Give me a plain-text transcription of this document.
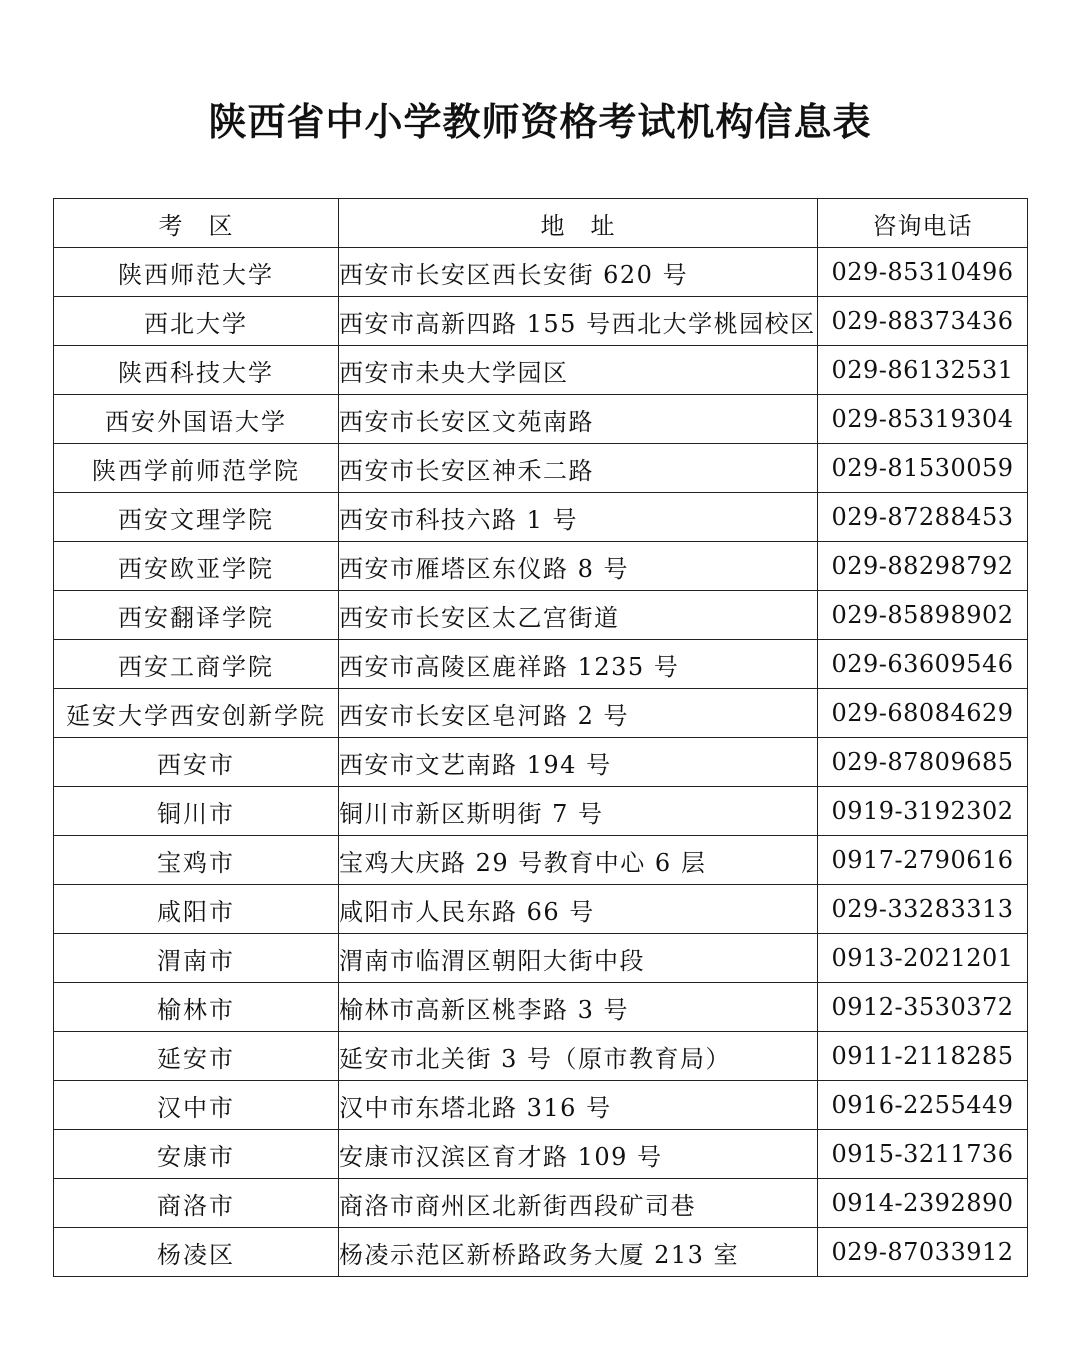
陕西省中小学教师资格考试机构信息表
考　区	地　址	咨询电话
陕西师范大学	西安市长安区西长安街 620 号	029-85310496
西北大学	西安市高新四路 155 号西北大学桃园校区	029-88373436
陕西科技大学	西安市未央大学园区	029-86132531
西安外国语大学	西安市长安区文苑南路	029-85319304
陕西学前师范学院	西安市长安区神禾二路	029-81530059
西安文理学院	西安市科技六路 1 号	029-87288453
西安欧亚学院	西安市雁塔区东仪路 8 号	029-88298792
西安翻译学院	西安市长安区太乙宫街道	029-85898902
西安工商学院	西安市高陵区鹿祥路 1235 号	029-63609546
延安大学西安创新学院	西安市长安区皂河路 2 号	029-68084629
西安市	西安市文艺南路 194 号	029-87809685
铜川市	铜川市新区斯明街 7 号	0919-3192302
宝鸡市	宝鸡大庆路 29 号教育中心 6 层	0917-2790616
咸阳市	咸阳市人民东路 66 号	029-33283313
渭南市	渭南市临渭区朝阳大街中段	0913-2021201
榆林市	榆林市高新区桃李路 3 号	0912-3530372
延安市	延安市北关街 3 号（原市教育局）	0911-2118285
汉中市	汉中市东塔北路 316 号	0916-2255449
安康市	安康市汉滨区育才路 109 号	0915-3211736
商洛市	商洛市商州区北新街西段矿司巷	0914-2392890
杨凌区	杨凌示范区新桥路政务大厦 213 室	029-87033912
